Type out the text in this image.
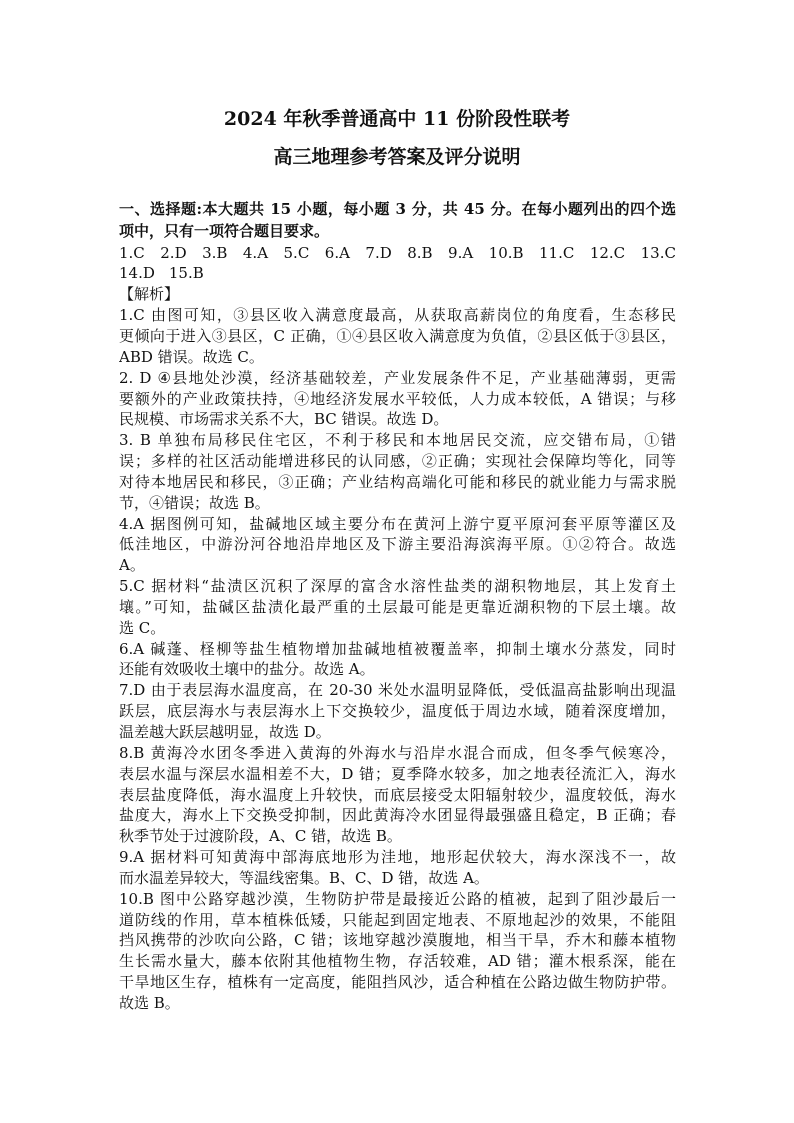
2024 年秋季普通高中 11 份阶段性联考
高三地理参考答案及评分说明
一、选择题:本大题共 15 小题，每小题 3 分，共 45 分。在每小题列出的四个选
项中，只有一项符合题目要求。
1.C 2.D 3.B 4.A 5.C 6.A 7.D 8.B 9.A 10.B 11.C 12.C 13.C
14.D 15.B
【解析】
1.C 由图可知，③县区收入满意度最高，从获取高薪岗位的角度看，生态移民
更倾向于进入③县区，C 正确，①④县区收入满意度为负值，②县区低于③县区，
ABD 错误。故选 C。
2. D ④县地处沙漠，经济基础较差，产业发展条件不足，产业基础薄弱，更需
要额外的产业政策扶持，④地经济发展水平较低，人力成本较低，A 错误；与移
民规模、市场需求关系不大，BC 错误。故选 D。
3. B 单独布局移民住宅区，不利于移民和本地居民交流，应交错布局，①错
误；多样的社区活动能增进移民的认同感，②正确；实现社会保障均等化，同等
对待本地居民和移民，③正确；产业结构高端化可能和移民的就业能力与需求脱
节，④错误；故选 B。
4.A 据图例可知，盐碱地区域主要分布在黄河上游宁夏平原河套平原等灌区及
低洼地区，中游汾河谷地沿岸地区及下游主要沿海滨海平原。①②符合。故选
A。
5.C 据材料“盐渍区沉积了深厚的富含水溶性盐类的湖积物地层，其上发育土
壤。”可知，盐碱区盐渍化最严重的土层最可能是更靠近湖积物的下层土壤。故
选 C。
6.A 碱蓬、柽柳等盐生植物增加盐碱地植被覆盖率，抑制土壤水分蒸发，同时
还能有效吸收土壤中的盐分。故选 A。
7.D 由于表层海水温度高，在 20-30 米处水温明显降低，受低温高盐影响出现温
跃层，底层海水与表层海水上下交换较少，温度低于周边水域，随着深度增加，
温差越大跃层越明显，故选 D。
8.B 黄海冷水团冬季进入黄海的外海水与沿岸水混合而成，但冬季气候寒冷，
表层水温与深层水温相差不大，D 错；夏季降水较多，加之地表径流汇入，海水
表层盐度降低，海水温度上升较快，而底层接受太阳辐射较少，温度较低，海水
盐度大，海水上下交换受抑制，因此黄海冷水团显得最强盛且稳定，B 正确；春
秋季节处于过渡阶段，A、C 错，故选 B。
9.A 据材料可知黄海中部海底地形为洼地，地形起伏较大，海水深浅不一，故
而水温差异较大，等温线密集。B、C、D 错，故选 A。
10.B 图中公路穿越沙漠，生物防护带是最接近公路的植被，起到了阻沙最后一
道防线的作用，草本植株低矮，只能起到固定地表、不原地起沙的效果，不能阻
挡风携带的沙吹向公路，C 错；该地穿越沙漠腹地，相当干旱，乔木和藤本植物
生长需水量大，藤本依附其他植物生物，存活较难，AD 错；灌木根系深，能在
干旱地区生存，植株有一定高度，能阻挡风沙，适合种植在公路边做生物防护带。
故选 B。
